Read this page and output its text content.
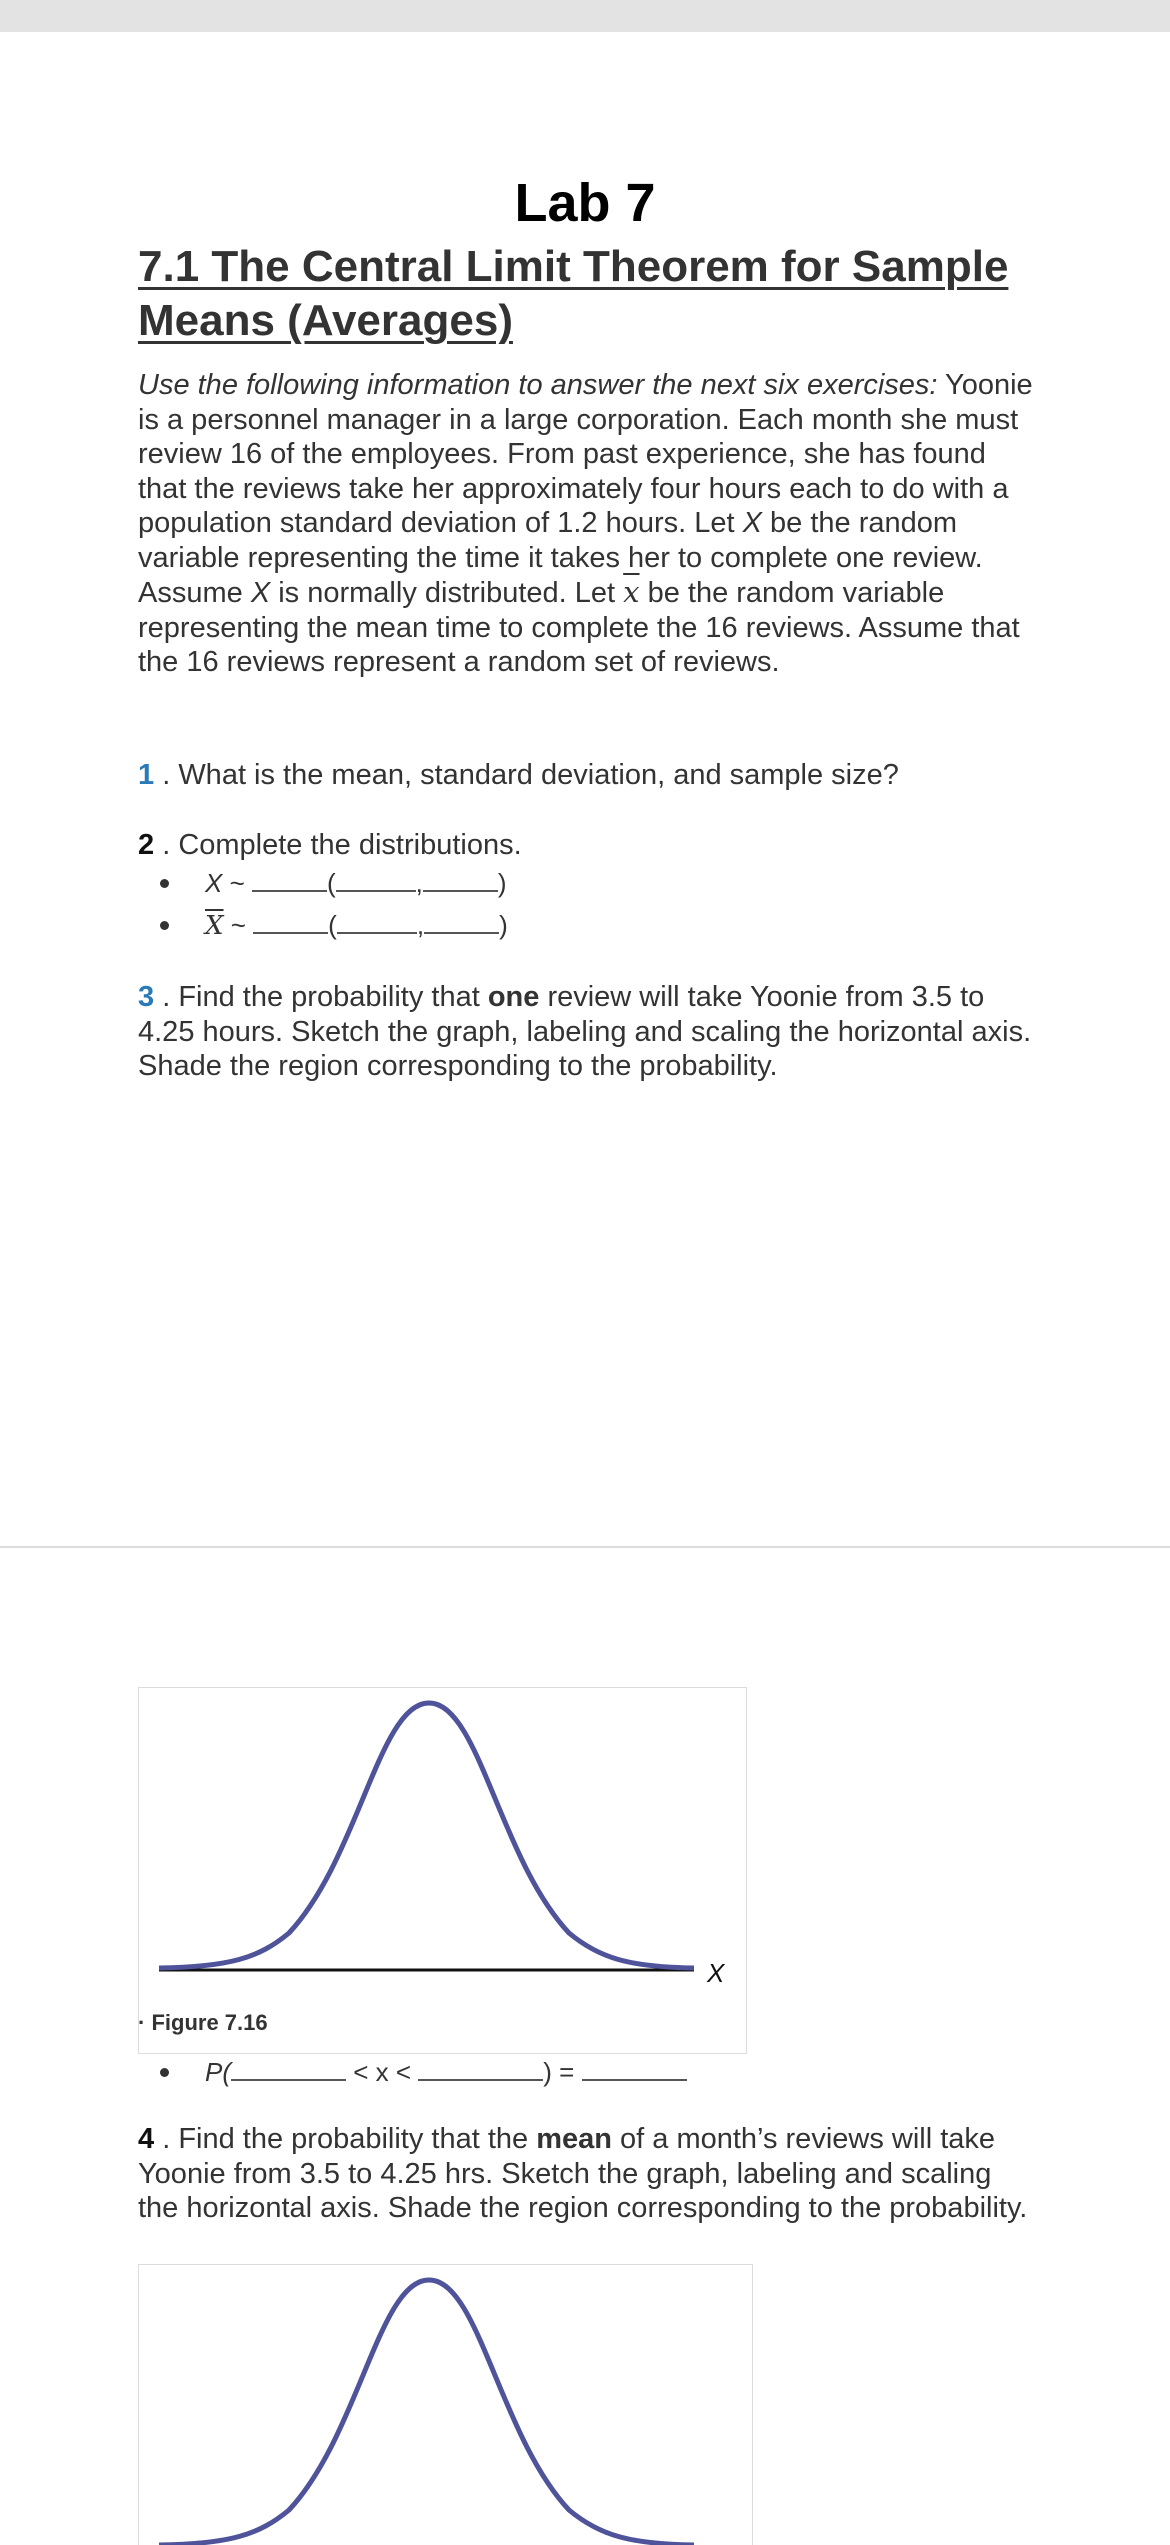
Lab 7
7.1 The Central Limit Theorem for Sample Means (Averages)

Use the following information to answer the next six exercises: Yoonie is a personnel manager in a large corporation. Each month she must review 16 of the employees. From past experience, she has found that the reviews take her approximately four hours each to do with a population standard deviation of 1.2 hours. Let X be the random variable representing the time it takes her to complete one review. Assume X is normally distributed. Let $\overline{x}$ be the random variable representing the mean time to complete the 16 reviews. Assume that the 16 reviews represent a random set of reviews.

1 . What is the mean, standard deviation, and sample size?

2 . Complete the distributions.

X ~	(	,	)
$\overline{X}$ ~	(	,	)

3 . Find the probability that one review will take Yoonie from 3.5 to 4.25 hours. Sketch the graph, labeling and scaling the horizontal axis. Shade the region corresponding to the probability.

X
· Figure 7.16
P(	< x <	) =

4 . Find the probability that the mean of a month’s reviews will take Yoonie from 3.5 to 4.25 hrs. Sketch the graph, labeling and scaling the horizontal axis. Shade the region corresponding to the probability.
